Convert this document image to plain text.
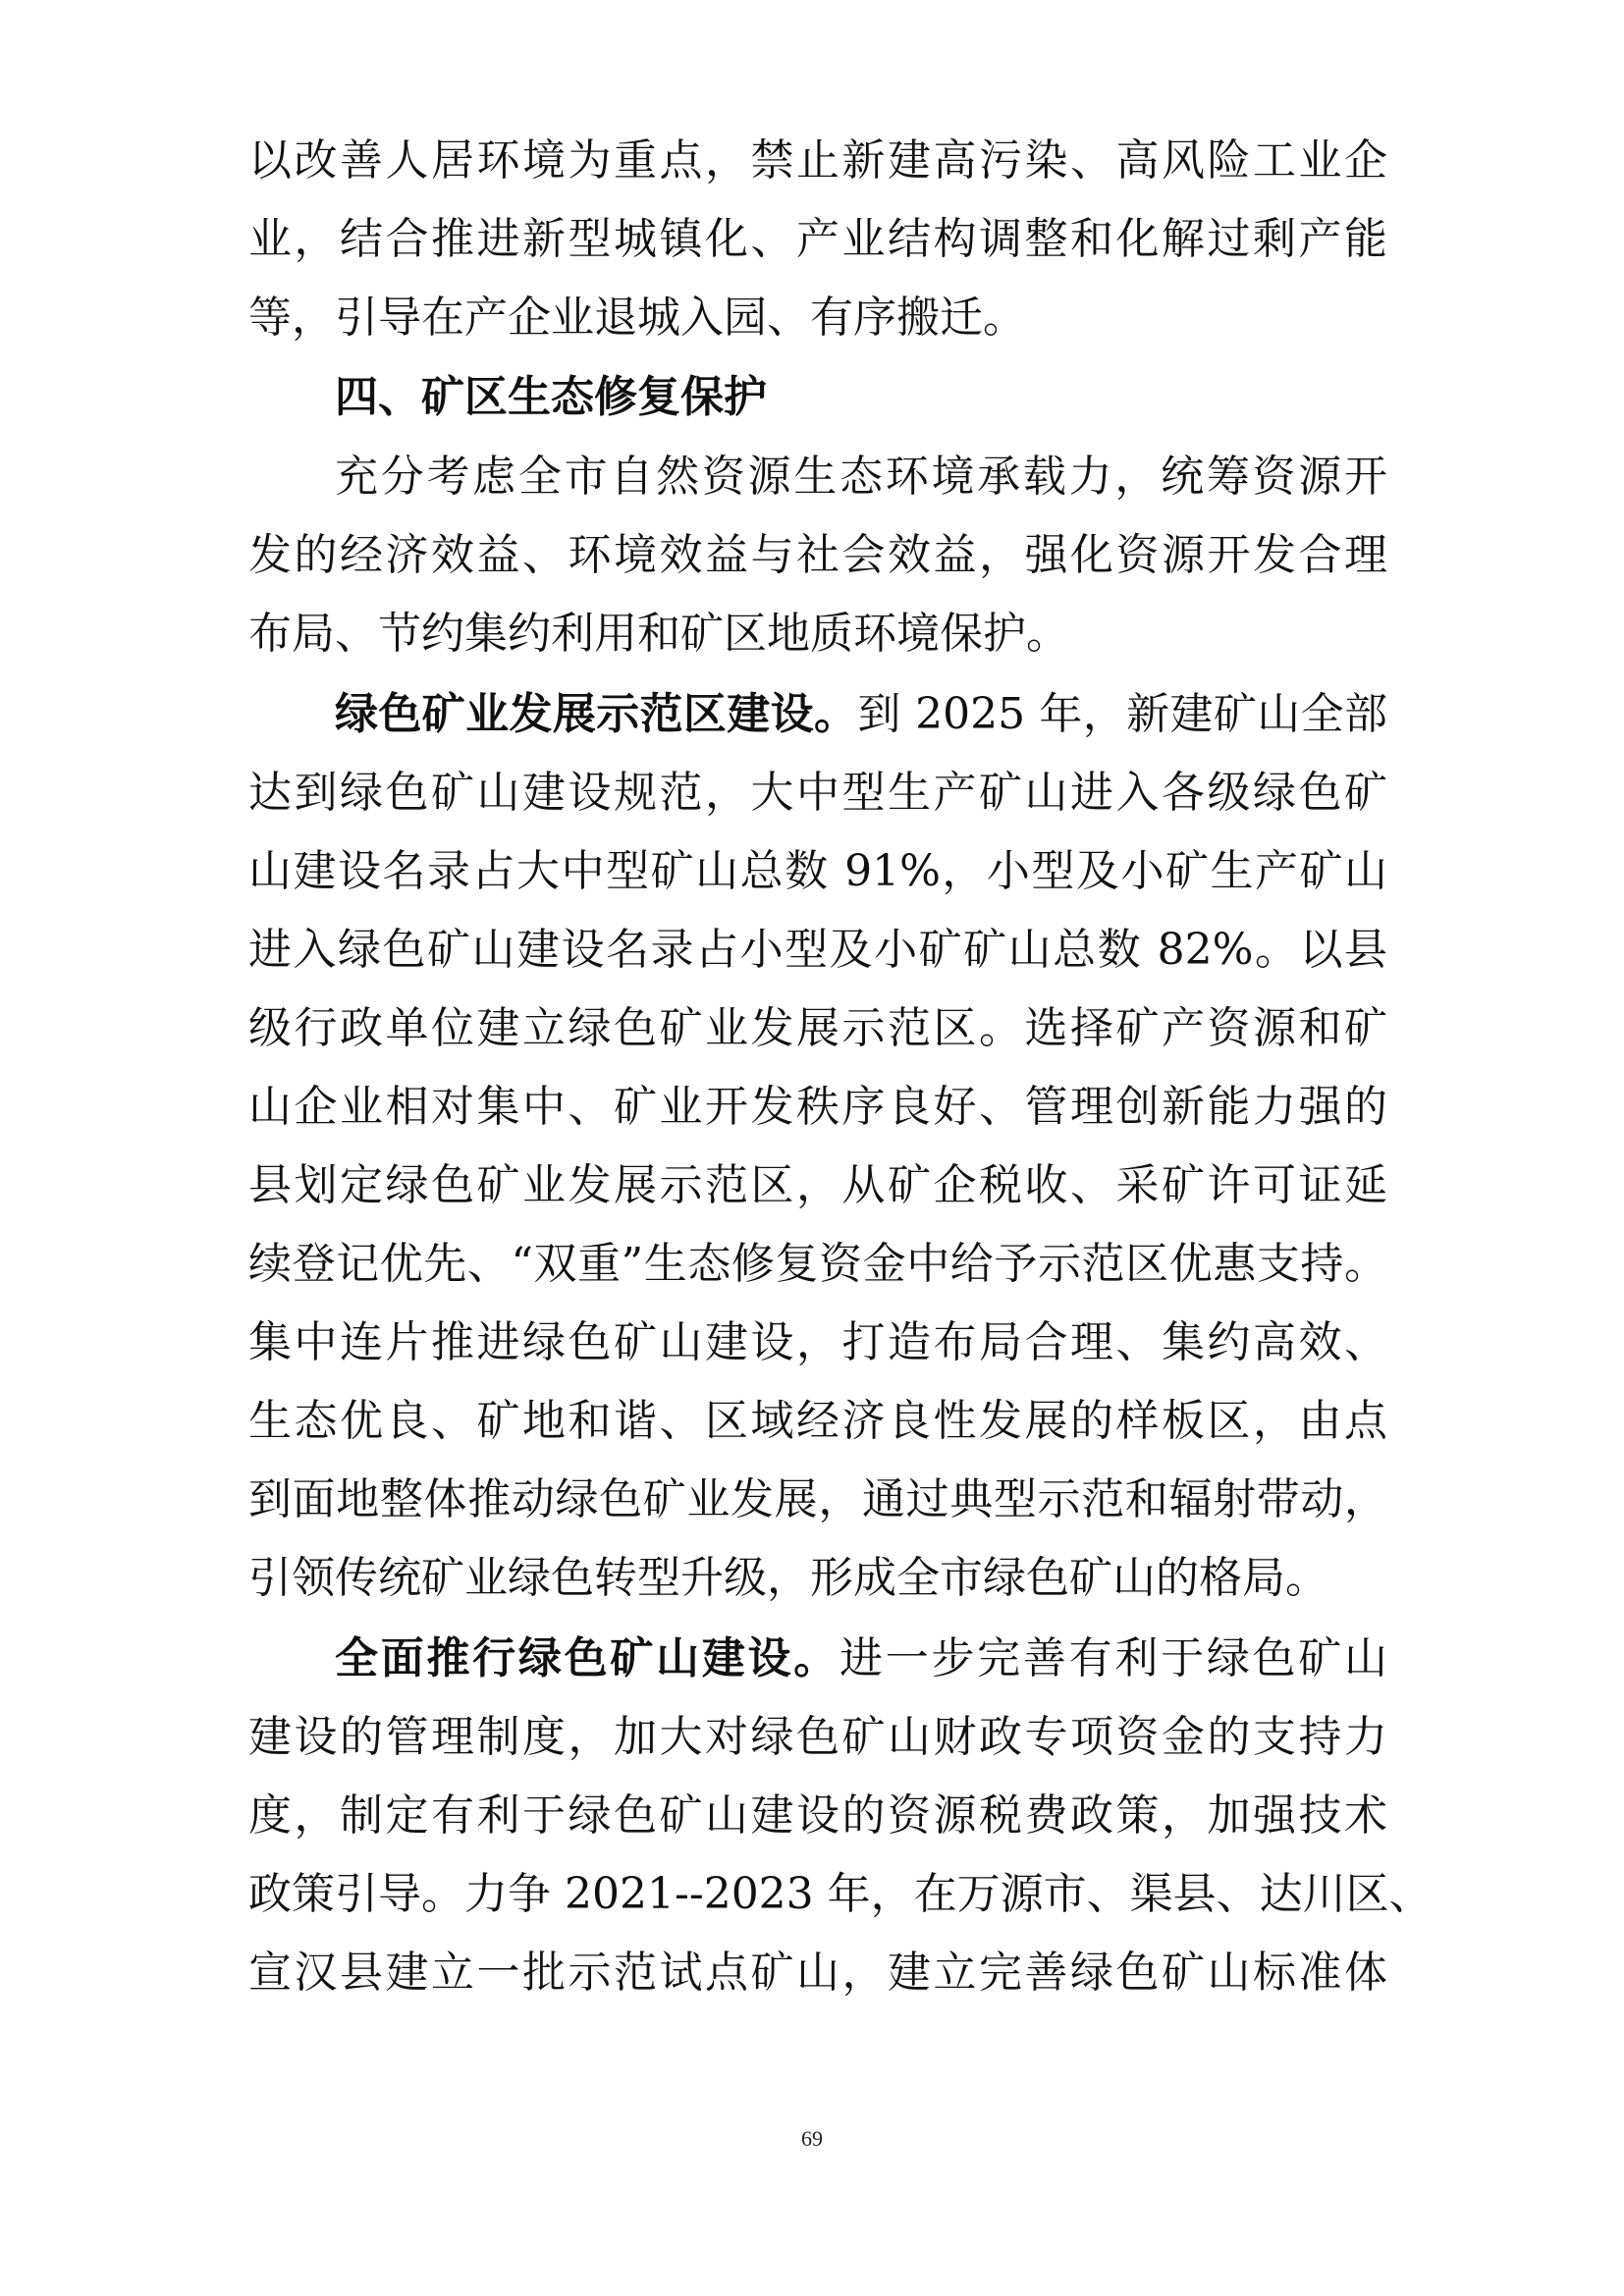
以改善人居环境为重点，禁止新建高污染、高风险工业企
业，结合推进新型城镇化、产业结构调整和化解过剩产能
等，引导在产企业退城入园、有序搬迁。
四、矿区生态修复保护
充分考虑全市自然资源生态环境承载力，统筹资源开
发的经济效益、环境效益与社会效益，强化资源开发合理
布局、节约集约利用和矿区地质环境保护。
绿色矿业发展示范区建设。到 2025 年，新建矿山全部
达到绿色矿山建设规范，大中型生产矿山进入各级绿色矿
山建设名录占大中型矿山总数 91%，小型及小矿生产矿山
进入绿色矿山建设名录占小型及小矿矿山总数 82%。以县
级行政单位建立绿色矿业发展示范区。选择矿产资源和矿
山企业相对集中、矿业开发秩序良好、管理创新能力强的
县划定绿色矿业发展示范区，从矿企税收、采矿许可证延
续登记优先、“双重”生态修复资金中给予示范区优惠支持。
集中连片推进绿色矿山建设，打造布局合理、集约高效、
生态优良、矿地和谐、区域经济良性发展的样板区，由点
到面地整体推动绿色矿业发展，通过典型示范和辐射带动，
引领传统矿业绿色转型升级，形成全市绿色矿山的格局。
全面推行绿色矿山建设。进一步完善有利于绿色矿山
建设的管理制度，加大对绿色矿山财政专项资金的支持力
度，制定有利于绿色矿山建设的资源税费政策，加强技术
政策引导。力争 2021--2023 年，在万源市、渠县、达川区、
宣汉县建立一批示范试点矿山，建立完善绿色矿山标准体
69
